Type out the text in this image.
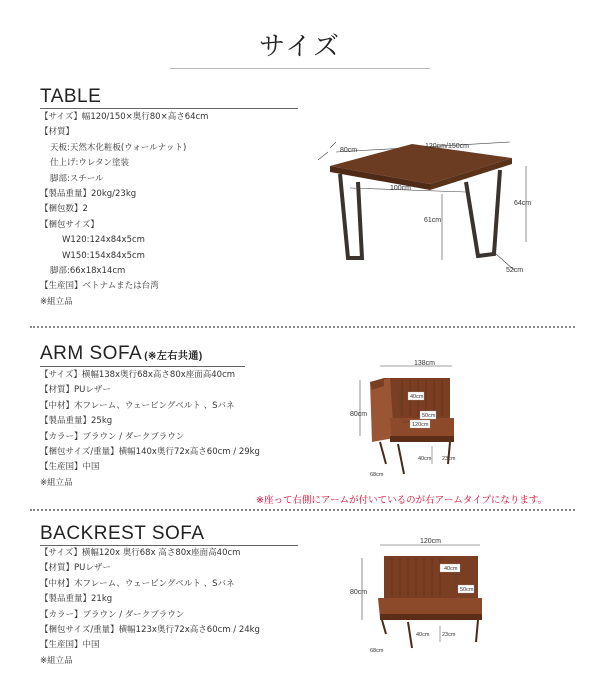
サイズ
TABLE
【サイズ】幅120/150×奥行80×高さ64cm
【材質】
天板:天然木化粧板(ウォールナット)
仕上げ:ウレタン塗装
脚部:スチール
【製品重量】20kg/23kg
【梱包数】2
【梱包サイズ】
W120:124x84x5cm
W150:154x84x5cm
脚部:66x18x14cm
【生産国】ベトナムまたは台湾
※組立品
120cm/150cm
80cm
100cm
64cm
61cm
52cm
ARM SOFA (※左右共通)
【サイズ】横幅138x奥行68x高さ80x座面高40cm
【材質】PUレザー
【中材】木フレーム、ウェービングベルト 、Sバネ
【製品重量】25kg
【カラー】ブラウン / ダークブラウン
【梱包サイズ/重量】横幅140x奥行72x高さ60cm / 29kg
【生産国】中国
※組立品
138cm
80cm
40cm
50cm
120cm
40cm 23cm
68cm
※座って右側にアームが付いているのが右アームタイプになります。
BACKREST SOFA
【サイズ】横幅120x 奥行68x 高さ80x座面高40cm
【材質】PUレザー
【中材】木フレーム、ウェービングベルト 、Sバネ
【製品重量】21kg
【カラー】ブラウン / ダークブラウン
【梱包サイズ/重量】横幅123x奥行72x高さ60cm / 24kg
【生産国】中国
※組立品
120cm
80cm
40cm
50cm
40cm 23cm
68cm
